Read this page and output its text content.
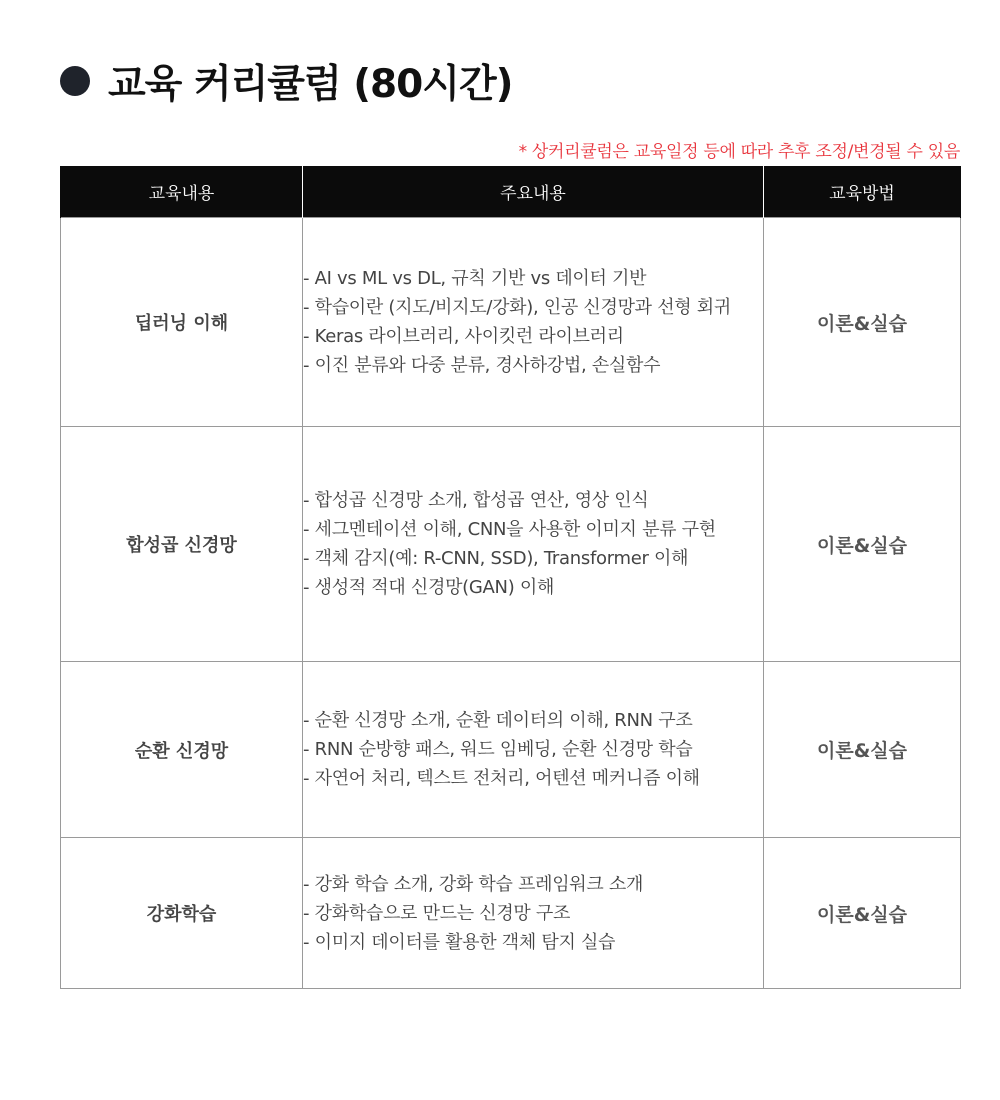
교육 커리큘럼 (80시간)
* 상커리큘럼은 교육일정 등에 따라 추후 조정/변경될 수 있음
교육내용	주요내용	교육방법
딥러닝 이해	- AI vs ML vs DL, 규칙 기반 vs 데이터 기반
- 학습이란 (지도/비지도/강화), 인공 신경망과 선형 회귀
- Keras 라이브러리, 사이킷런 라이브러리
- 이진 분류와 다중 분류, 경사하강법, 손실함수	이론&실습
합성곱 신경망	- 합성곱 신경망 소개, 합성곱 연산, 영상 인식
- 세그멘테이션 이해, CNN을 사용한 이미지 분류 구현
- 객체 감지(예: R-CNN, SSD), Transformer 이해
- 생성적 적대 신경망(GAN) 이해	이론&실습
순환 신경망	- 순환 신경망 소개, 순환 데이터의 이해, RNN 구조
- RNN 순방향 패스, 워드 임베딩, 순환 신경망 학습
- 자연어 처리, 텍스트 전처리, 어텐션 메커니즘 이해	이론&실습
강화학습	- 강화 학습 소개, 강화 학습 프레임워크 소개
- 강화학습으로 만드는 신경망 구조
- 이미지 데이터를 활용한 객체 탐지 실습	이론&실습
